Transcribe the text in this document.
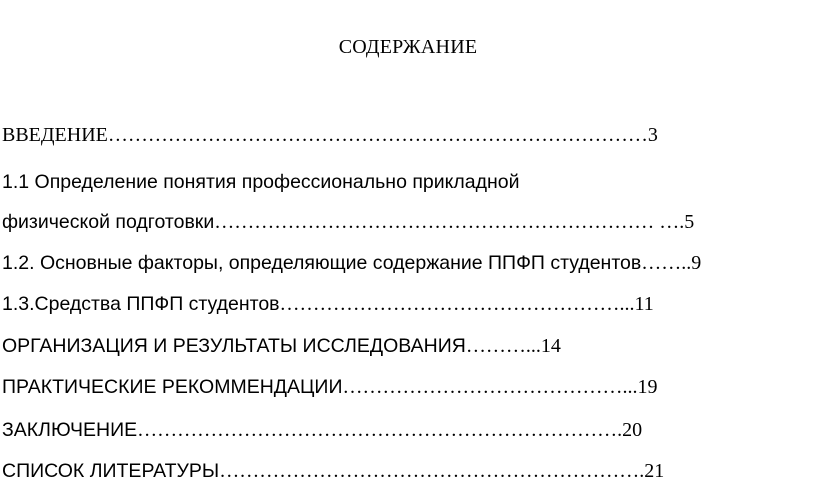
СОДЕРЖАНИЕ
ВВЕДЕНИЕ………………………………………………………………………3
1.1 Определение понятия профессионально прикладной
физической подготовки………………………………………………………… ….5
1.2. Основные факторы, определяющие содержание ППФП студентов……..9
1.3.Средства ППФП студентов……………………………………………...11
ОРГАНИЗАЦИЯ И РЕЗУЛЬТАТЫ ИССЛЕДОВАНИЯ………...14
ПРАКТИЧЕСКИЕ РЕКОММЕНДАЦИИ……………………………………...19
ЗАКЛЮЧЕНИЕ……………………………………………………………….20
СПИСОК ЛИТЕРАТУРЫ……………………………………………………….21
